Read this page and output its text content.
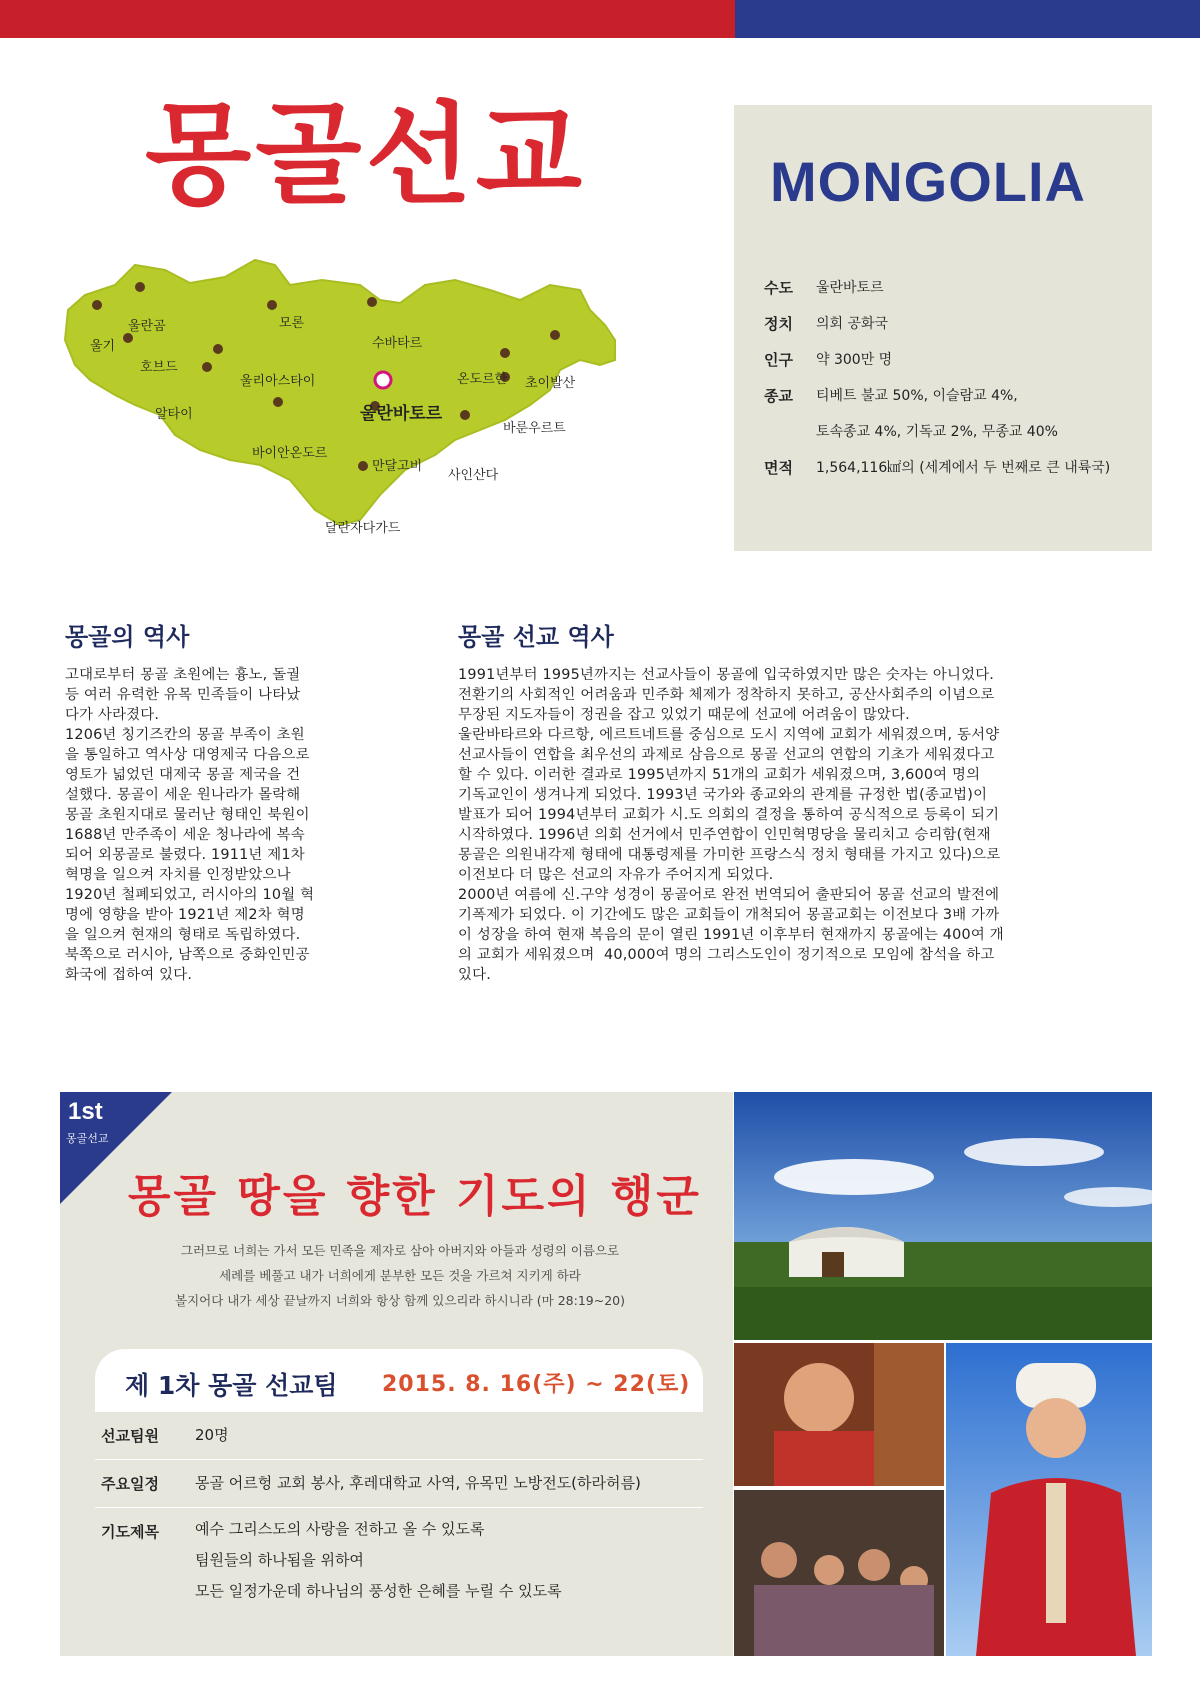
몽골선교
울기
울란곰
호브드
알타이
모론
울리아스타이
수바타르
바이안온도르
울란바토르
온도르한 초이발산
바룬우르트
만달고비
사인산다
달란자다가드
MONGOLIA
수도	울란바토르
정치	의회 공화국
인구	약 300만 명
종교	티베트 불교 50%, 이슬람교 4%,
토속종교 4%, 기독교 2%, 무종교 40%
면적	1,564,116㎢의 (세계에서 두 번째로 큰 내륙국)
몽골의 역사
고대로부터 몽골 초원에는 흉노, 돌궐
등 여러 유력한 유목 민족들이 나타났
다가 사라졌다.
1206년 칭기즈칸의 몽골 부족이 초원
을 통일하고 역사상 대영제국 다음으로
영토가 넓었던 대제국 몽골 제국을 건
설했다. 몽골이 세운 원나라가 몰락해
몽골 초원지대로 물러난 형태인 북원이
1688년 만주족이 세운 청나라에 복속
되어 외몽골로 불렸다. 1911년 제1차
혁명을 일으켜 자치를 인정받았으나
1920년 철폐되었고, 러시아의 10월 혁
명에 영향을 받아 1921년 제2차 혁명
을 일으켜 현재의 형태로 독립하였다.
북쪽으로 러시아, 남쪽으로 중화인민공
화국에 접하여 있다.
몽골 선교 역사
1991년부터 1995년까지는 선교사들이 몽골에 입국하였지만 많은 숫자는 아니었다.
전환기의 사회적인 어려움과 민주화 체제가 정착하지 못하고, 공산사회주의 이념으로
무장된 지도자들이 정권을 잡고 있었기 때문에 선교에 어려움이 많았다.
울란바타르와 다르항, 에르트네트를 중심으로 도시 지역에 교회가 세워졌으며, 동서양
선교사들이 연합을 최우선의 과제로 삼음으로 몽골 선교의 연합의 기초가 세워졌다고
할 수 있다. 이러한 결과로 1995년까지 51개의 교회가 세워졌으며, 3,600여 명의
기독교인이 생겨나게 되었다. 1993년 국가와 종교와의 관계를 규정한 법(종교법)이
발표가 되어 1994년부터 교회가 시.도 의회의 결정을 통하여 공식적으로 등록이 되기
시작하였다. 1996년 의회 선거에서 민주연합이 인민혁명당을 물리치고 승리함(현재
몽골은 의원내각제 형태에 대통령제를 가미한 프랑스식 정치 형태를 가지고 있다)으로
이전보다 더 많은 선교의 자유가 주어지게 되었다.
2000년 여름에 신.구약 성경이 몽골어로 완전 번역되어 출판되어 몽골 선교의 발전에
기폭제가 되었다. 이 기간에도 많은 교회들이 개척되어 몽골교회는 이전보다 3배 가까
이 성장을 하여 현재 복음의 문이 열린 1991년 이후부터 현재까지 몽골에는 400여 개
의 교회가 세워졌으며  40,000여 명의 그리스도인이 정기적으로 모임에 참석을 하고
있다.
1st
몽골선교
몽골 땅을 향한 기도의 행군
그러므로 너희는 가서 모든 민족을 제자로 삼아 아버지와 아들과 성령의 이름으로
세례를 베풀고 내가 너희에게 분부한 모든 것을 가르쳐 지키게 하라
볼지어다 내가 세상 끝날까지 너희와 항상 함께 있으리라 하시니라 (마 28:19~20)
제 1차 몽골 선교팀 2015. 8. 16(주) ~ 22(토)
선교팀원	20명
주요일정	몽골 어르헝 교회 봉사, 후레대학교 사역, 유목민 노방전도(하라허름)
기도제목	예수 그리스도의 사랑을 전하고 올 수 있도록
팀원들의 하나됨을 위하여
모든 일정가운데 하나님의 풍성한 은혜를 누릴 수 있도록
